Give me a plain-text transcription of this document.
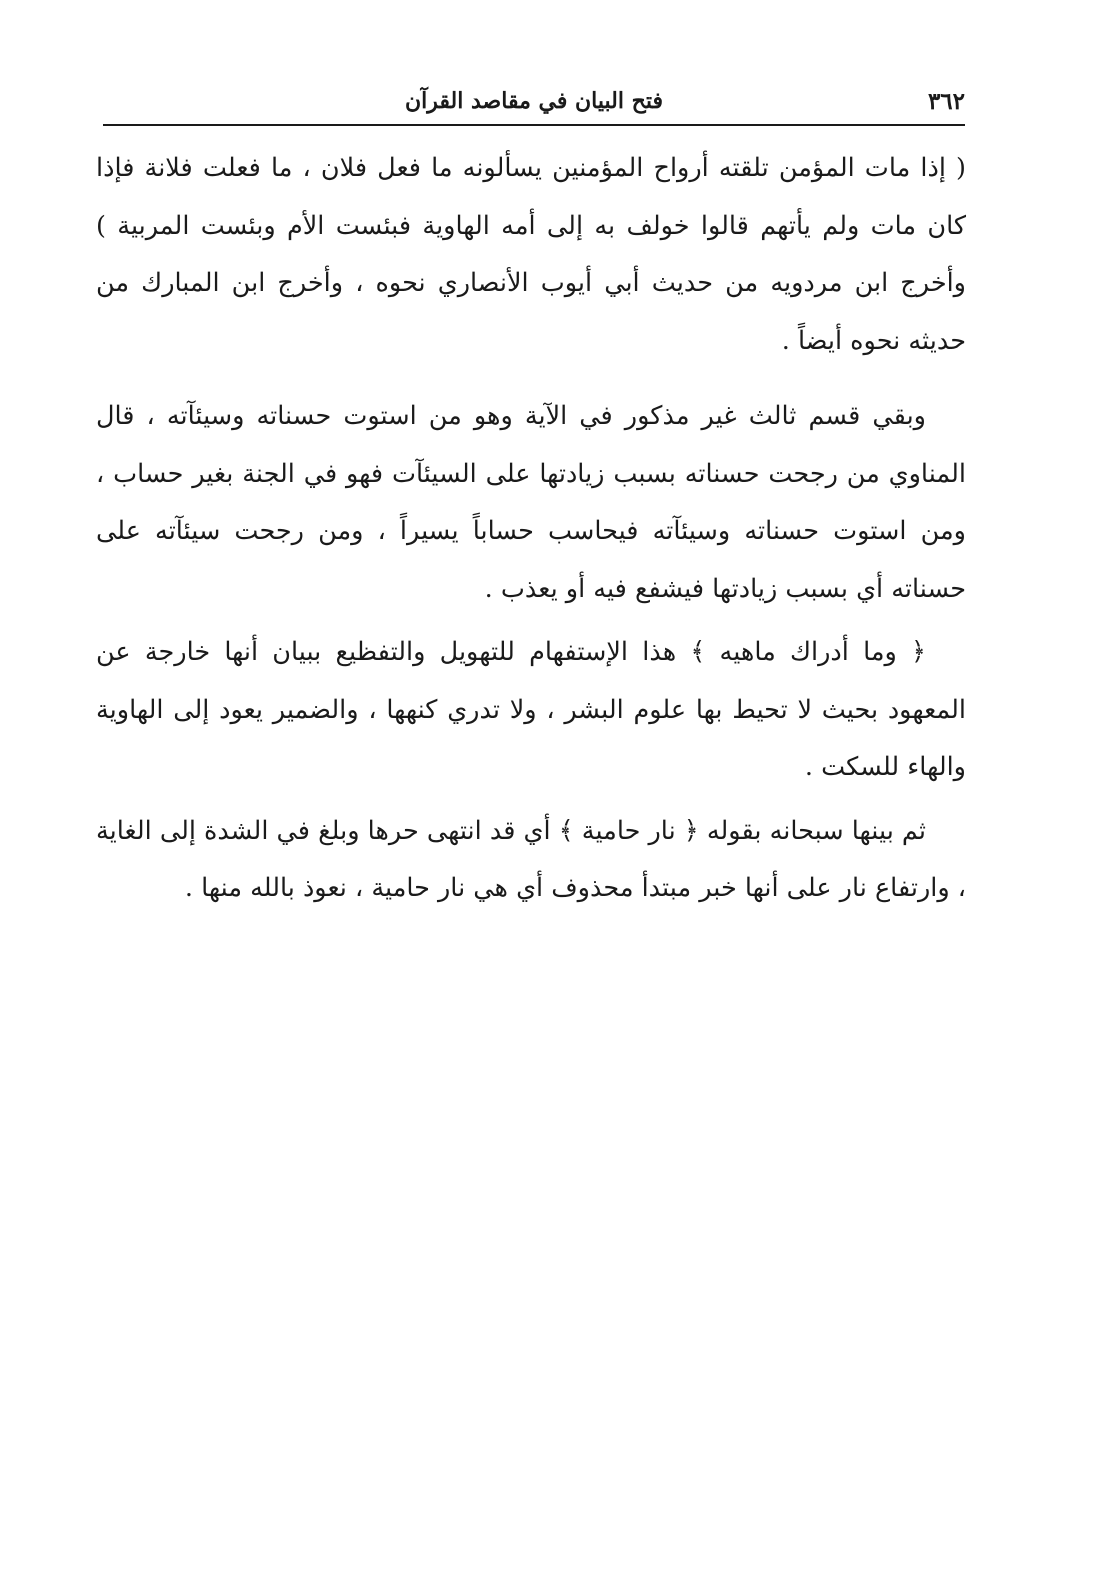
٣٦٢
فتح البيان في مقاصد القرآن

( إذا مات المؤمن تلقته أرواح المؤمنين يسألونه ما فعل فلان ، ما فعلت فلانة فإذا كان مات ولم يأتهم قالوا خولف به إلى أمه الهاوية فبئست الأم وبئست المربية ) وأخرج ابن مردويه من حديث أبي أيوب الأنصاري نحوه ، وأخرج ابن المبارك من حديثه نحوه أيضاً .

وبقي قسم ثالث غير مذكور في الآية وهو من استوت حسناته وسيئآته ، قال المناوي من رجحت حسناته بسبب زيادتها على السيئآت فهو في الجنة بغير حساب ، ومن استوت حسناته وسيئآته فيحاسب حساباً يسيراً ، ومن رجحت سيئآته على حسناته أي بسبب زيادتها فيشفع فيه أو يعذب .

﴿ وما أدراك ماهيه ﴾ هذا الإستفهام للتهويل والتفظيع ببيان أنها خارجة عن المعهود بحيث لا تحيط بها علوم البشر ، ولا تدري كنهها ، والضمير يعود إلى الهاوية والهاء للسكت .

ثم بينها سبحانه بقوله ﴿ نار حامية ﴾ أي قد انتهى حرها وبلغ في الشدة إلى الغاية ، وارتفاع نار على أنها خبر مبتدأ محذوف أي هي نار حامية ، نعوذ بالله منها .
